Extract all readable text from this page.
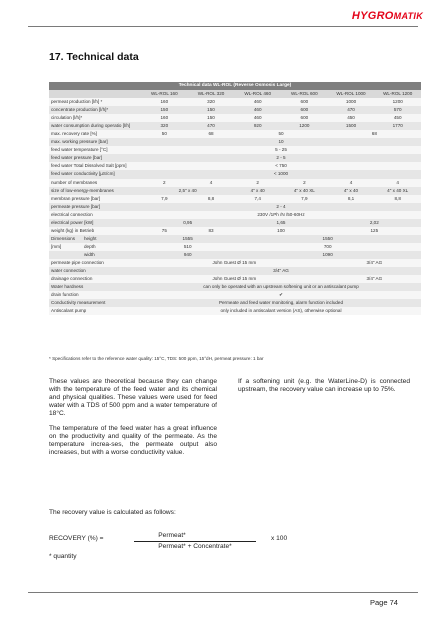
HYGROMATIK
17. Technical data
Technical data WL-ROL (Reverse Osmosis Large)
WL-ROL 160	WL-ROL 320	WL-ROL 460	WL-ROL 600	WL-ROL 1000	WL-ROL 1200
permeat production [l/h] *	160	320	460	600	1000	1200
concentrate production [l/h]*	150	150	460	600	470	570
circulation [l/h]*	160	150	460	600	450	450
water consumption during operatio [l/h]	320	470	920	1200	1500	1770
max. recovery rate [%]	50	68	50	68
max. working pressure [bar]	10
feed water temperature [°C]	5 - 25
feed water pressure [bar]	2 - 5
feed water Total Dissolved Salt [ppm]	< 750
feed water conductivity [µS/cm]	< 1000
number of membranes	2	4	2	2	4	4
size of low-energy-membranes	2,5" x 40	4" x 40	4" x 40 XL	4" x 40	4" x 40 XL
membran pressure [bar]	7,9	8,8	7,4	7,9	8,1	8,8
permeate pressure [bar]	2 - 4
electrical connection	230V /1Ph /N /50-60Hz
electrical power [kW]	0,95	1,65	2,02
weight (kg) in Betrieb	75	83	100	125
Dimensions	height	1555	1550
[mm]	depth	510	700
width	940	1090
permeate pipe connection	John Guest Ø 15 mm	3/4" AG
water connection	3/4" AG
drainage connection	John Guest Ø 15 mm	3/4" AG
Water hardness	can only be operated with an upstream softening unit or an antiscalant pump
drain function	✔
Conductivity measurement	Permeate and feed water monitoring, alarm function included
Antiscalant pump	only included in antiscalant version (AS), otherwise optional
* Specifications refer to the reference water quality: 15°C, TDS: 500 ppm, 15°dH, permeat pressure: 1 bar

These values are theoretical because they can change with the temperature of the feed water and its chemical and physical qualities. These values were used for feed water with a TDS of 500 ppm and a water temperature of 18°C.

The temperature of the feed water has a great influence on the productivity and quality of the permeate. As the temperature increa-ses, the permeate output also increases, but with a worse conductivity value.

If a softening unit (e.g. the WaterLine-D) is connected upstream, the recovery value can increase up to 75%.

The recovery value is calculated as follows:
RECOVERY (%) =	Permeat*
Permeat* + Concentrate*
x 100
* quantity
Page 74
